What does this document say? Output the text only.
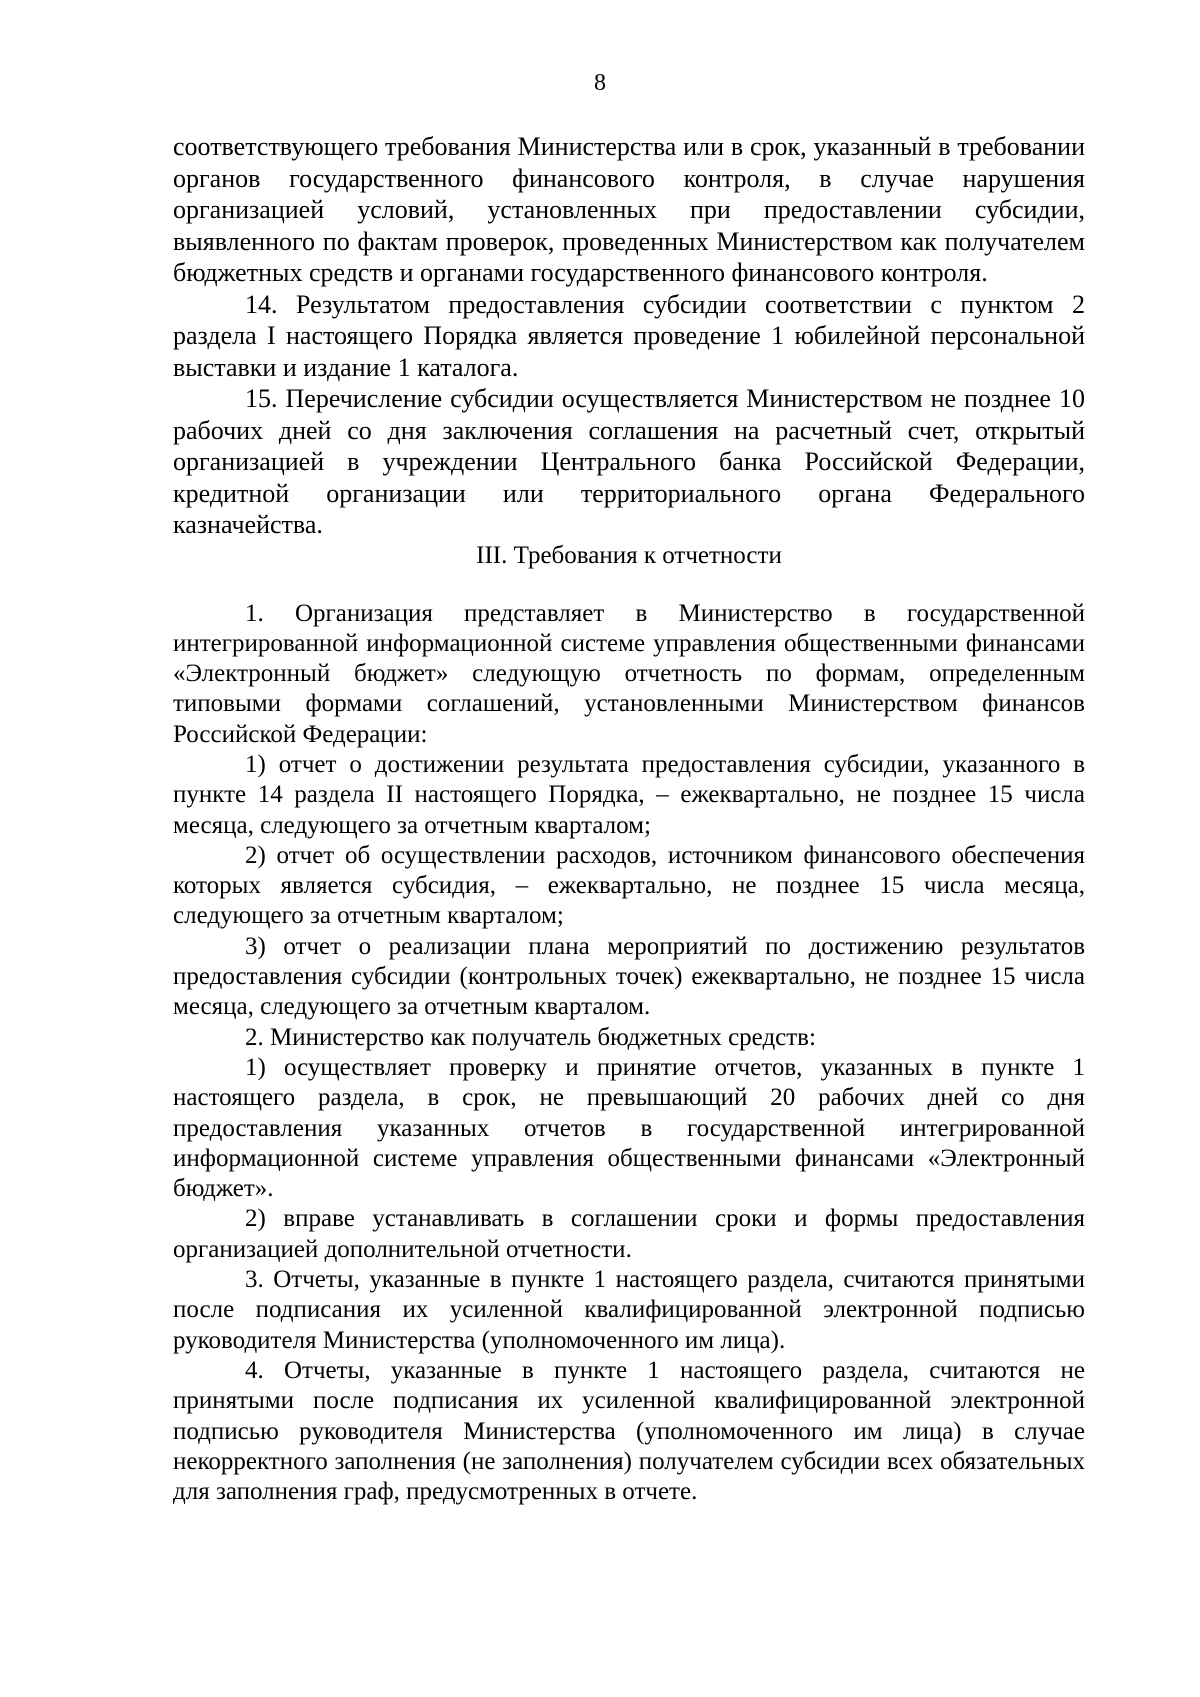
8

соответствующего требования Министерства или в срок, указанный в требовании органов государственного финансового контроля, в случае нарушения организацией условий, установленных при предоставлении субсидии, выявленного по фактам проверок, проведенных Министерством как получателем бюджетных средств и органами государственного финансового контроля.

14. Результатом предоставления субсидии соответствии с пунктом 2 раздела I настоящего Порядка является проведение 1 юбилейной персональной выставки и издание 1 каталога.

15. Перечисление субсидии осуществляется Министерством не позднее 10 рабочих дней со дня заключения соглашения на расчетный счет, открытый организацией в учреждении Центрального банка Российской Федерации, кредитной организации или территориального органа Федерального казначейства.

III. Требования к отчетности

1. Организация представляет в Министерство в государственной интегрированной информационной системе управления общественными финансами «Электронный бюджет» следующую отчетность по формам, определенным типовыми формами соглашений, установленными Министерством финансов Российской Федерации:

1) отчет о достижении результата предоставления субсидии, указанного в пункте 14 раздела II настоящего Порядка, – ежеквартально, не позднее 15 числа месяца, следующего за отчетным кварталом;

2) отчет об осуществлении расходов, источником финансового обеспечения которых является субсидия, – ежеквартально, не позднее 15 числа месяца, следующего за отчетным кварталом;

3) отчет о реализации плана мероприятий по достижению результатов предоставления субсидии (контрольных точек) ежеквартально, не позднее 15 числа месяца, следующего за отчетным кварталом.

2. Министерство как получатель бюджетных средств:

1) осуществляет проверку и принятие отчетов, указанных в пункте 1 настоящего раздела, в срок, не превышающий 20 рабочих дней со дня предоставления указанных отчетов в государственной интегрированной информационной системе управления общественными финансами «Электронный бюджет».

2) вправе устанавливать в соглашении сроки и формы предоставления организацией дополнительной отчетности.

3. Отчеты, указанные в пункте 1 настоящего раздела, считаются принятыми после подписания их усиленной квалифицированной электронной подписью руководителя Министерства (уполномоченного им лица).

4. Отчеты, указанные в пункте 1 настоящего раздела, считаются не принятыми после подписания их усиленной квалифицированной электронной подписью руководителя Министерства (уполномоченного им лица) в случае некорректного заполнения (не заполнения) получателем субсидии всех обязательных для заполнения граф, предусмотренных в отчете.
